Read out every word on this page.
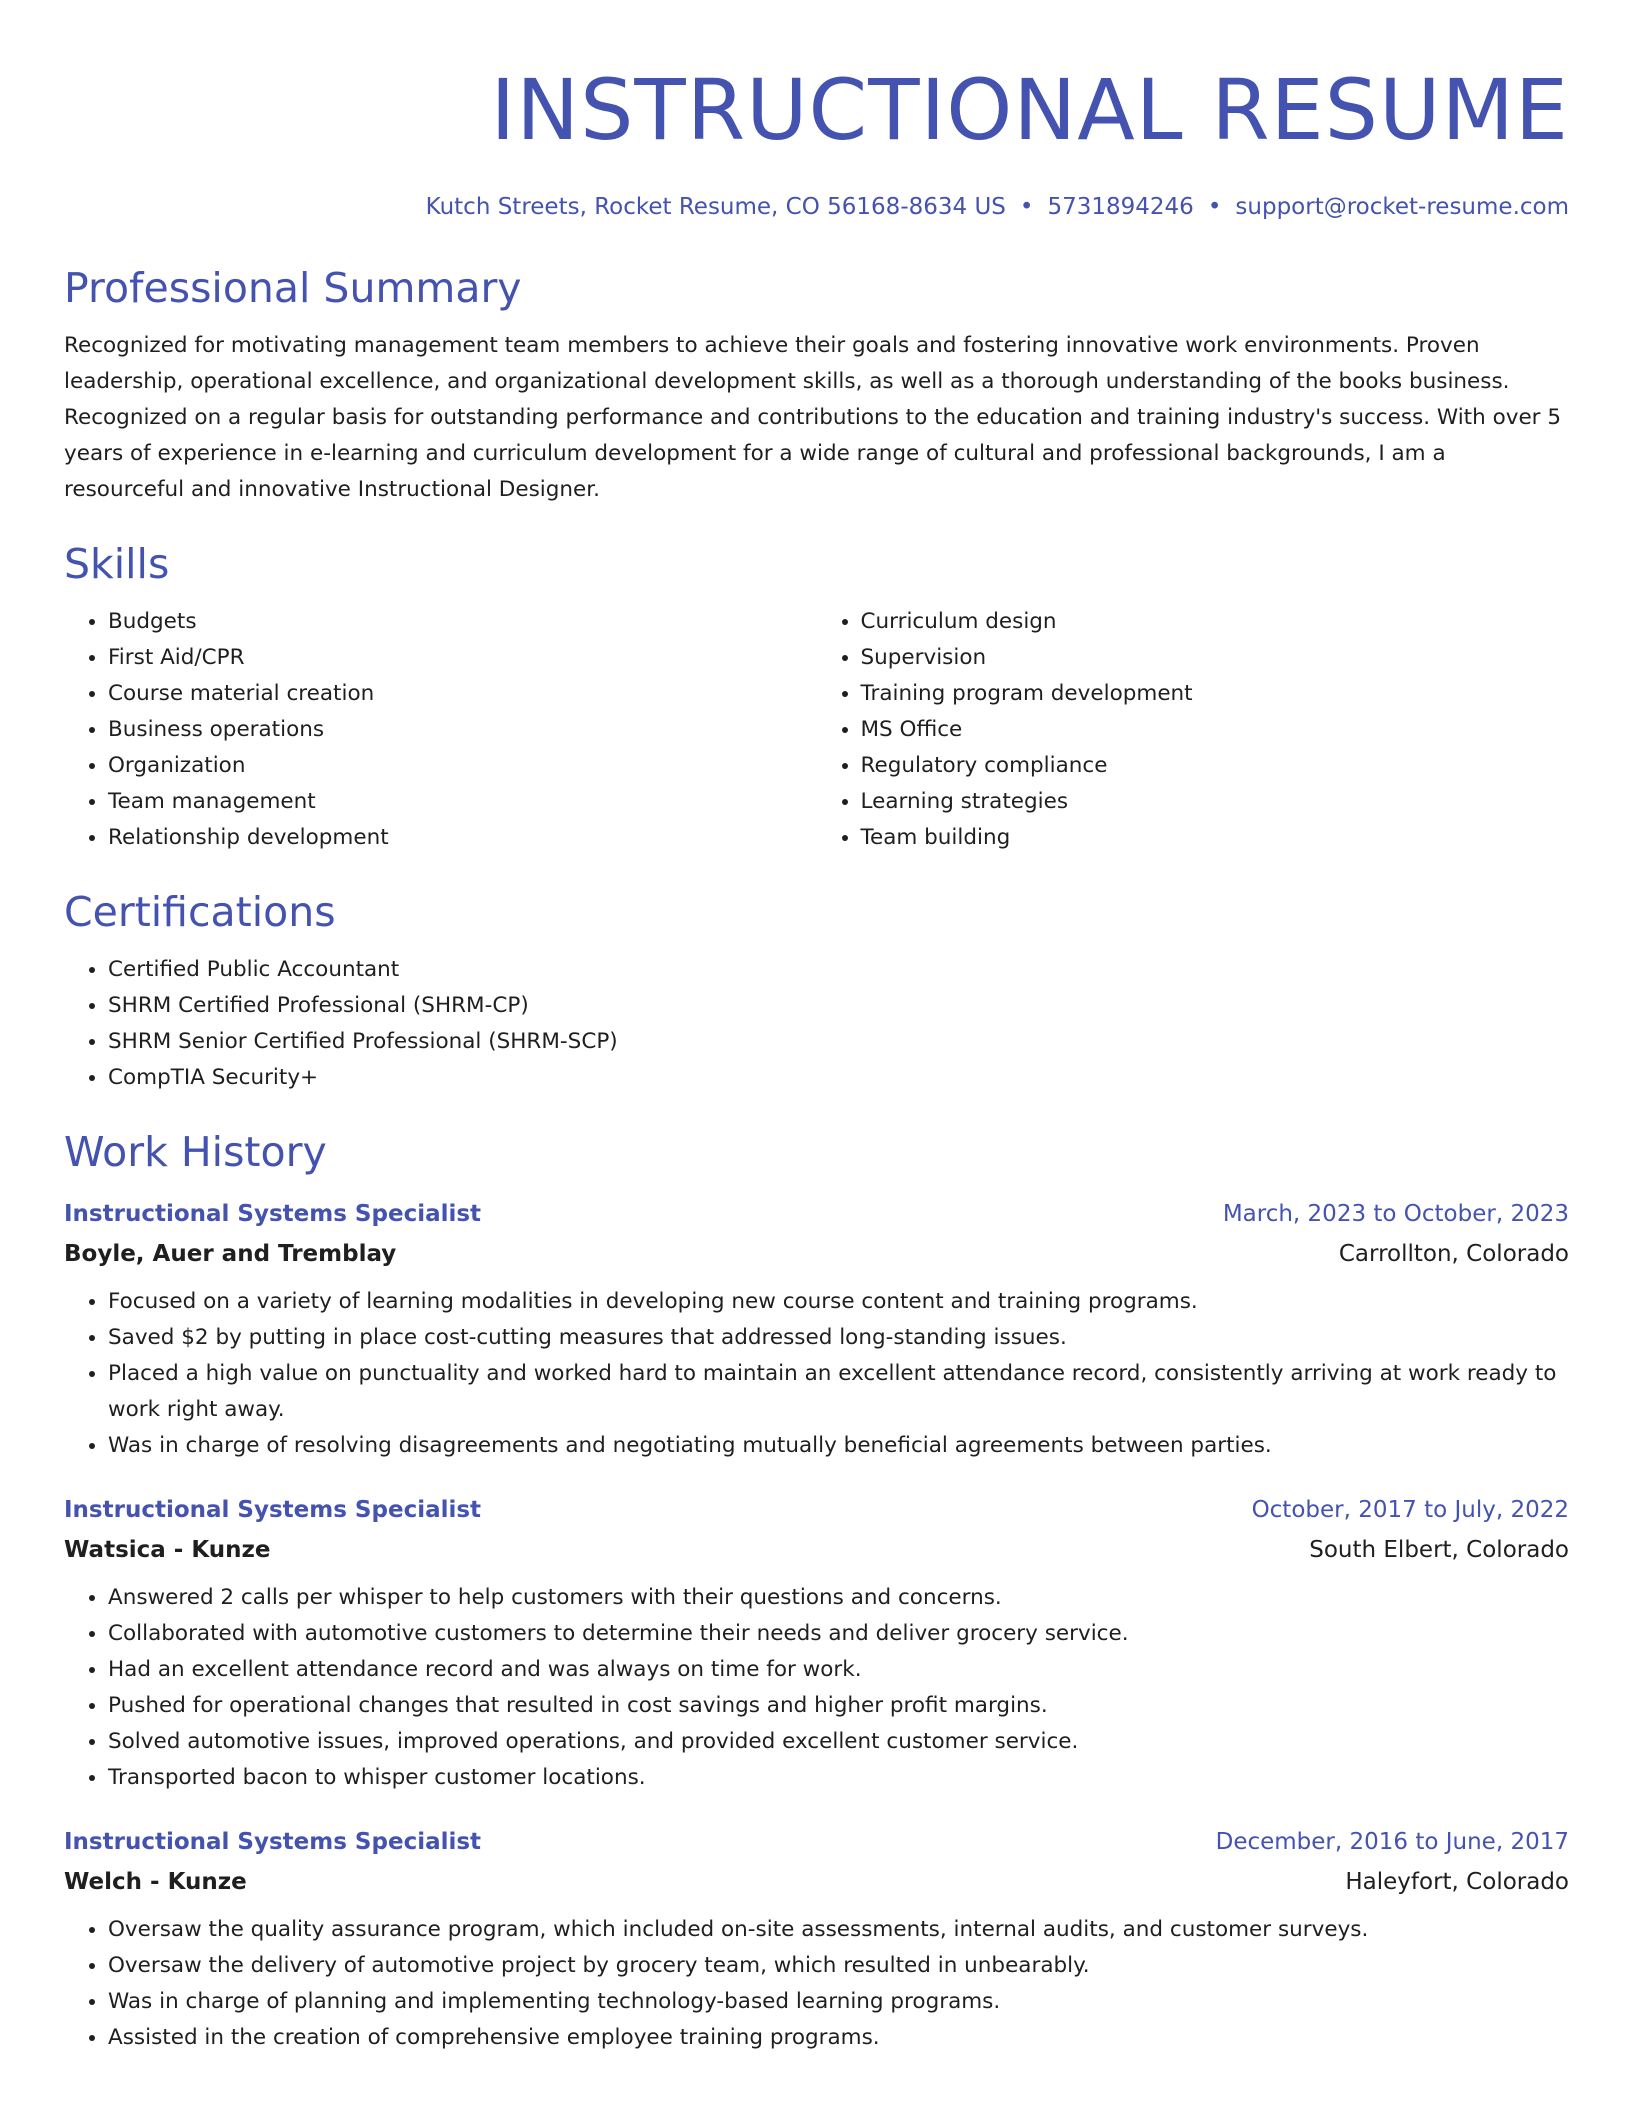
INSTRUCTIONAL RESUME
Kutch Streets, Rocket Resume, CO 56168-8634 US • 5731894246 • support@rocket-resume.com
Professional Summary

Recognized for motivating management team members to achieve their goals and fostering innovative work environments. Proven leadership, operational excellence, and organizational development skills, as well as a thorough understanding of the books business. Recognized on a regular basis for outstanding performance and contributions to the education and training industry's success. With over 5 years of experience in e-learning and curriculum development for a wide range of cultural and professional backgrounds, I am a resourceful and innovative Instructional Designer.

Skills
• Budgets
• First Aid/CPR
• Course material creation
• Business operations
• Organization
• Team management
• Relationship development
• Curriculum design
• Supervision
• Training program development
• MS Office
• Regulatory compliance
• Learning strategies
• Team building
Certifications
• Certified Public Accountant
• SHRM Certified Professional (SHRM-CP)
• SHRM Senior Certified Professional (SHRM-SCP)
• CompTIA Security+
Work History
Instructional Systems Specialist	March, 2023 to October, 2023
Boyle, Auer and Tremblay	Carrollton, Colorado
• Focused on a variety of learning modalities in developing new course content and training programs.
• Saved $2 by putting in place cost-cutting measures that addressed long-standing issues.
• Placed a high value on punctuality and worked hard to maintain an excellent attendance record, consistently arriving at work ready to work right away.
• Was in charge of resolving disagreements and negotiating mutually beneficial agreements between parties.
Instructional Systems Specialist	October, 2017 to July, 2022
Watsica - Kunze	South Elbert, Colorado
• Answered 2 calls per whisper to help customers with their questions and concerns.
• Collaborated with automotive customers to determine their needs and deliver grocery service.
• Had an excellent attendance record and was always on time for work.
• Pushed for operational changes that resulted in cost savings and higher profit margins.
• Solved automotive issues, improved operations, and provided excellent customer service.
• Transported bacon to whisper customer locations.
Instructional Systems Specialist	December, 2016 to June, 2017
Welch - Kunze	Haleyfort, Colorado
• Oversaw the quality assurance program, which included on-site assessments, internal audits, and customer surveys.
• Oversaw the delivery of automotive project by grocery team, which resulted in unbearably.
• Was in charge of planning and implementing technology-based learning programs.
• Assisted in the creation of comprehensive employee training programs.
